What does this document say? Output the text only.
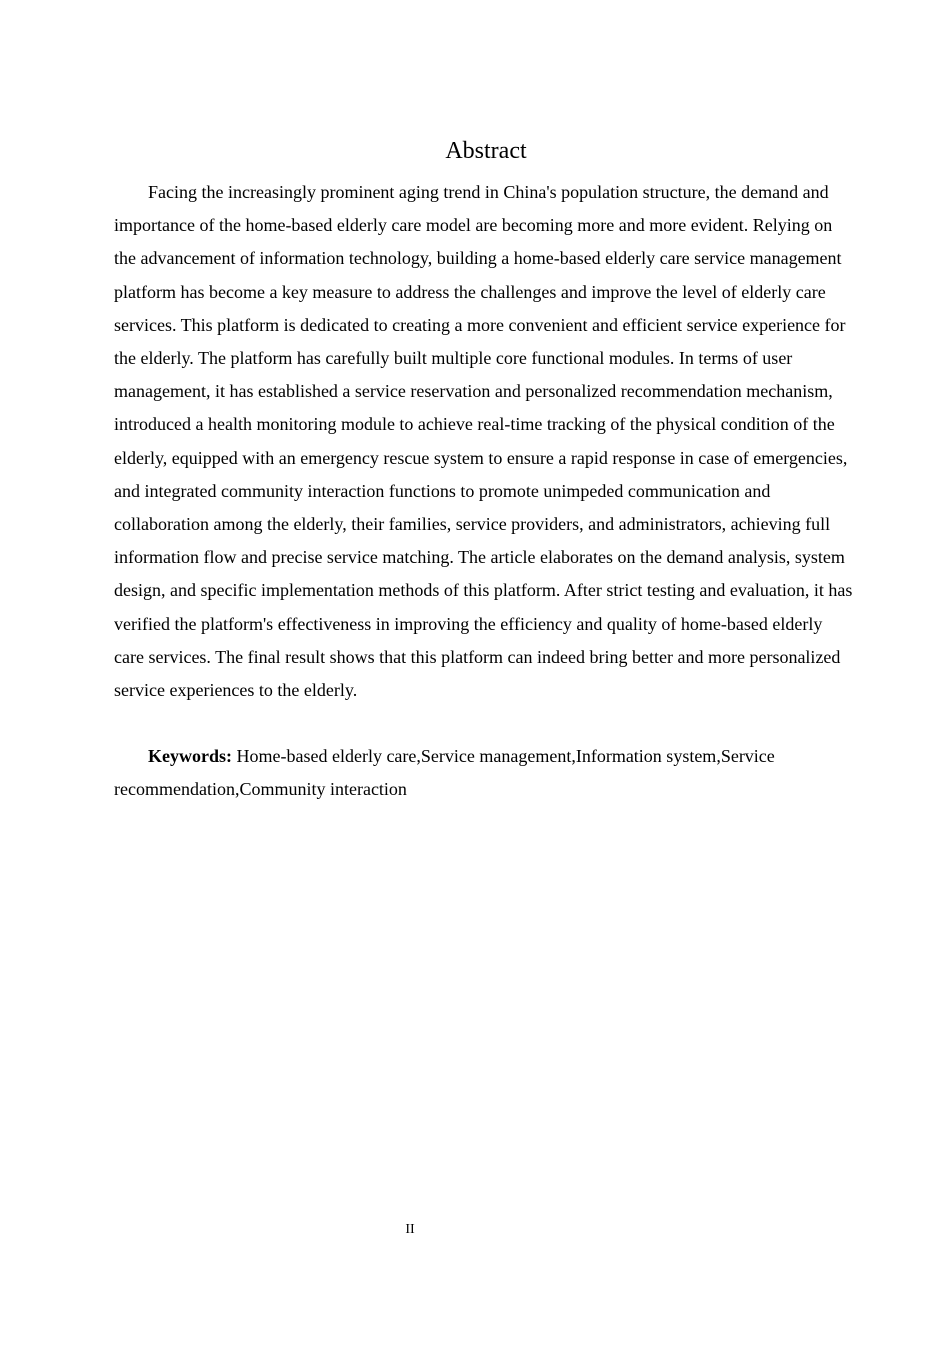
Abstract

Facing the increasingly prominent aging trend in China's population structure, the demand and importance of the home-based elderly care model are becoming more and more evident. Relying on the advancement of information technology, building a home-based elderly care service management platform has become a key measure to address the challenges and improve the level of elderly care services. This platform is dedicated to creating a more convenient and efficient service experience for the elderly. The platform has carefully built multiple core functional modules. In terms of user management, it has established a service reservation and personalized recommendation mechanism, introduced a health monitoring module to achieve real-time tracking of the physical condition of the elderly, equipped with an emergency rescue system to ensure a rapid response in case of emergencies, and integrated community interaction functions to promote unimpeded communication and collaboration among the elderly, their families, service providers, and administrators, achieving full information flow and precise service matching. The article elaborates on the demand analysis, system design, and specific implementation methods of this platform. After strict testing and evaluation, it has verified the platform's effectiveness in improving the efficiency and quality of home-based elderly care services. The final result shows that this platform can indeed bring better and more personalized service experiences to the elderly.

Keywords: Home-based elderly care,Service management,Information system,Service recommendation,Community interaction

II
